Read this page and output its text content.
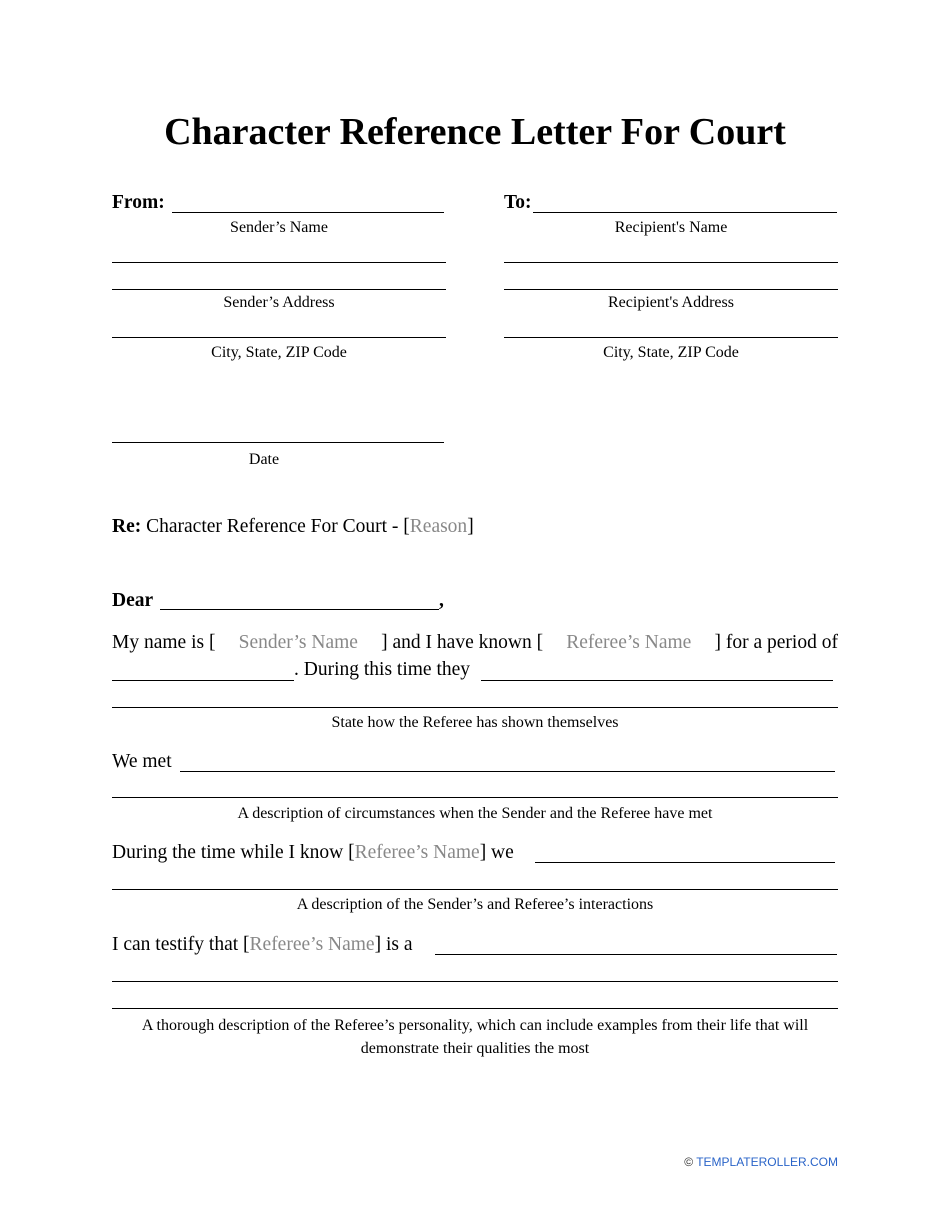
Character Reference Letter For Court
From:	To:
Sender’s Name	Recipient's Name
Sender’s Address	Recipient's Address
City, State, ZIP Code	City, State, ZIP Code
Date
Re: Character Reference For Court - [Reason]
Dear	,
My name is [ Sender’s Name ] and I have known [ Referee’s Name ] for a period of
. During this time they
State how the Referee has shown themselves
We met
A description of circumstances when the Sender and the Referee have met
During the time while I know [Referee’s Name] we
A description of the Sender’s and Referee’s interactions
I can testify that [Referee’s Name] is a
A thorough description of the Referee’s personality, which can include examples from their life that will
demonstrate their qualities the most
© TEMPLATEROLLER.COM
